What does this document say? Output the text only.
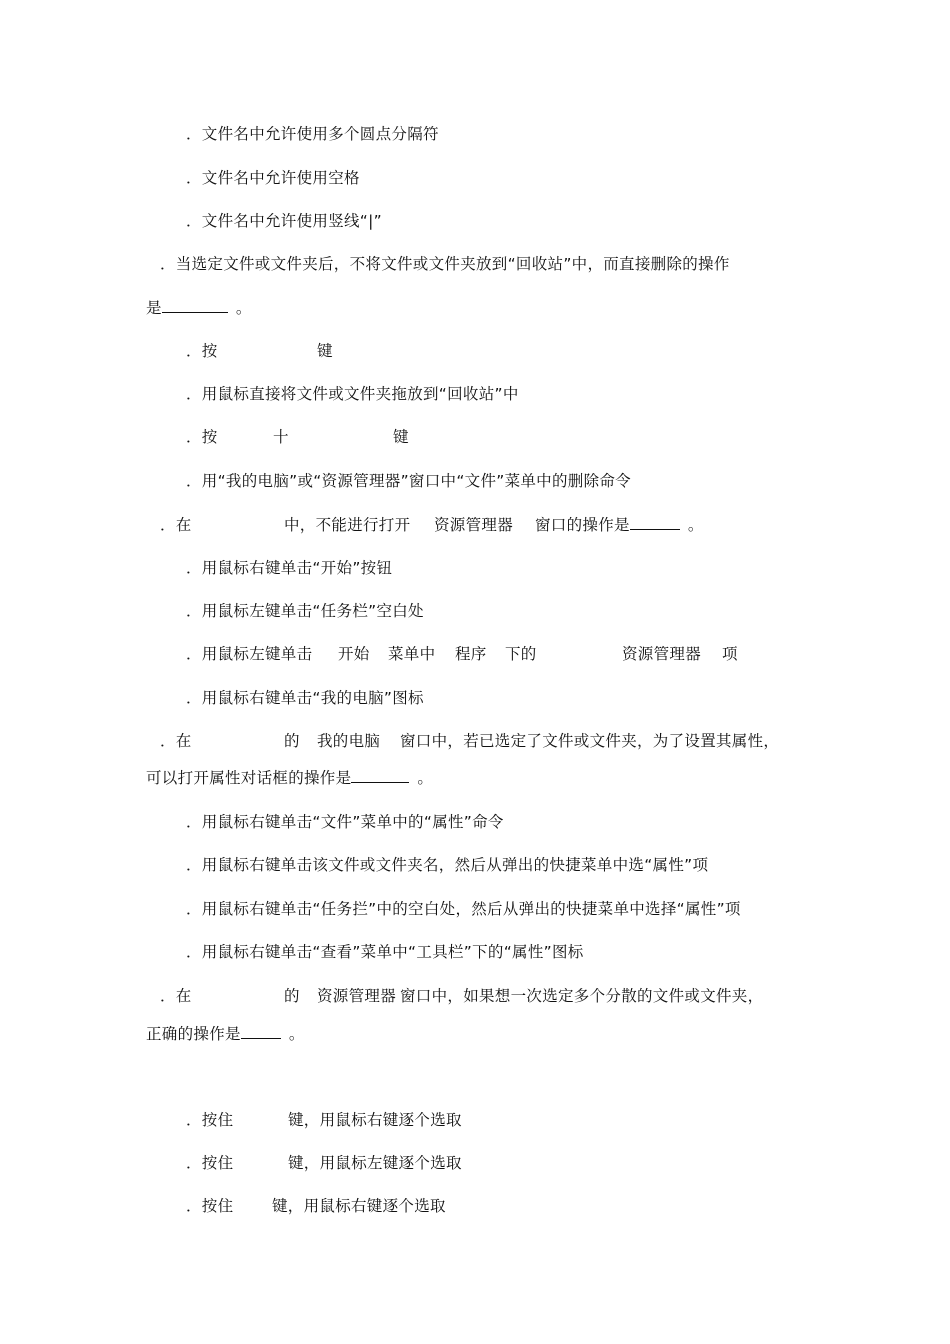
．文件名中允许使用多个圆点分隔符
．文件名中允许使用空格
．文件名中允许使用竖线“|”
．当选定文件或文件夹后，不将文件或文件夹放到“回收站”中，而直接删除的操作
是	。
．按	键
．用鼠标直接将文件或文件夹拖放到“回收站”中
．按	十	键
．用“我的电脑”或“资源管理器”窗口中“文件”菜单中的删除命令
．在	中，不能进行打开 资源管理器 窗口的操作是	。
．用鼠标右键单击“开始”按钮
．用鼠标左键单击“任务栏”空白处
．用鼠标左键单击 开始 菜单中 程序 下的	资源管理器 项
．用鼠标右键单击“我的电脑”图标
．在	的 我的电脑 窗口中，若已选定了文件或文件夹，为了设置其属性，
可以打开属性对话框的操作是	。
．用鼠标右键单击“文件”菜单中的“属性”命令
．用鼠标右键单击该文件或文件夹名，然后从弹出的快捷菜单中选“属性”项
．用鼠标右键单击“任务拦”中的空白处，然后从弹出的快捷菜单中选择“属性”项
．用鼠标右键单击“查看”菜单中“工具栏”下的“属性”图标
．在	的 资源管理器 窗口中，如果想一次选定多个分散的文件或文件夹，
正确的操作是	。
．按住	键，用鼠标右键逐个选取
．按住	键，用鼠标左键逐个选取
．按住 键，用鼠标右键逐个选取
